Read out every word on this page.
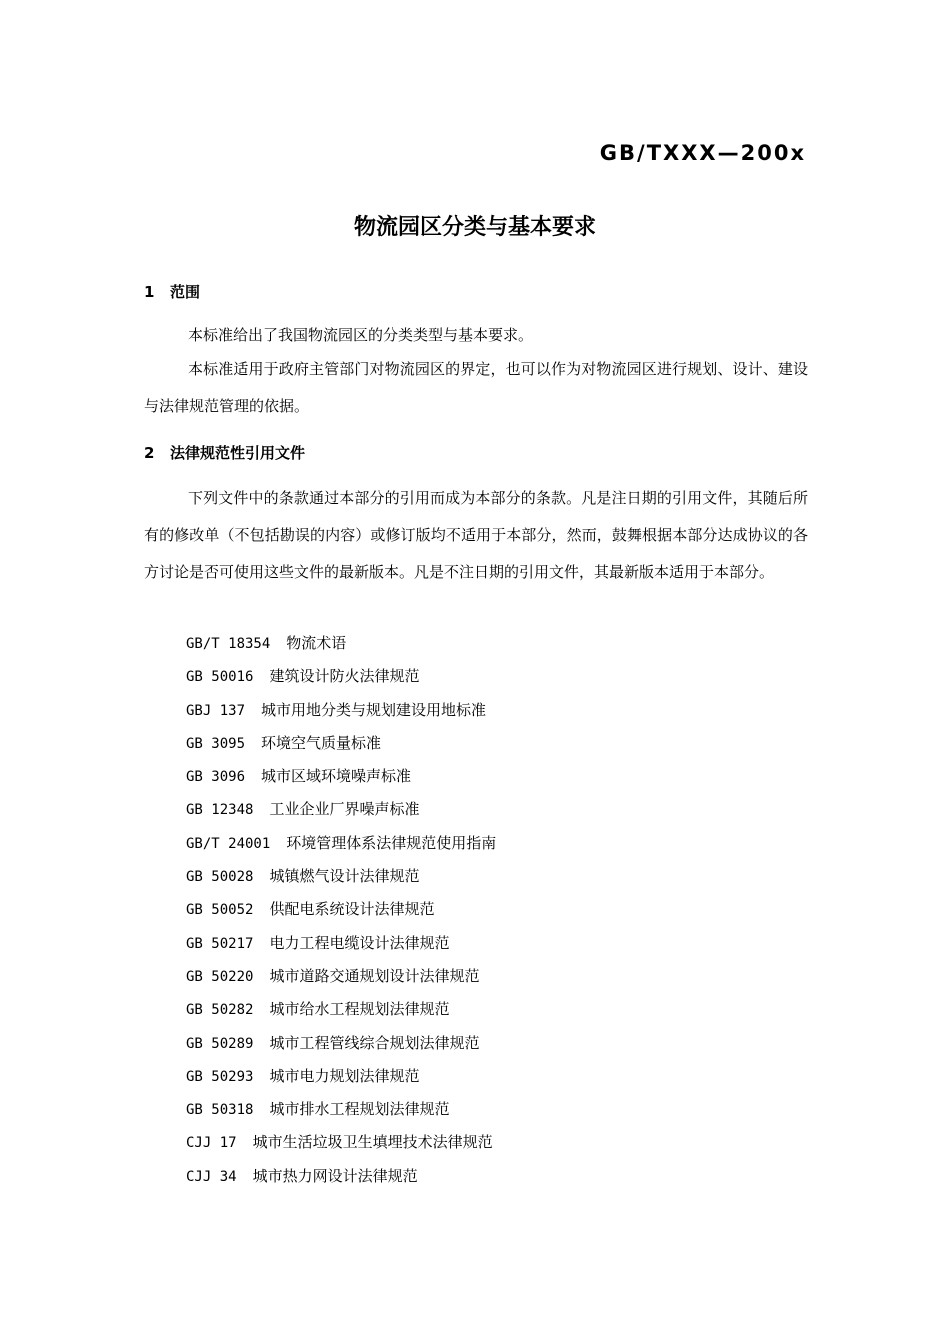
GB/TXXX—200x
物流园区分类与基本要求
1 范围
本标准给出了我国物流园区的分类类型与基本要求。
本标准适用于政府主管部门对物流园区的界定，也可以作为对物流园区进行规划、设计、建设与法律规范管理的依据。
2 法律规范性引用文件
下列文件中的条款通过本部分的引用而成为本部分的条款。凡是注日期的引用文件，其随后所有的修改单（不包括勘误的内容）或修订版均不适用于本部分，然而，鼓舞根据本部分达成协议的各方讨论是否可使用这些文件的最新版本。凡是不注日期的引用文件，其最新版本适用于本部分。
GB/T 18354 物流术语
GB 50016 建筑设计防火法律规范
GBJ 137 城市用地分类与规划建设用地标准
GB 3095 环境空气质量标准
GB 3096 城市区域环境噪声标准
GB 12348 工业企业厂界噪声标准
GB/T 24001 环境管理体系法律规范使用指南
GB 50028 城镇燃气设计法律规范
GB 50052 供配电系统设计法律规范
GB 50217 电力工程电缆设计法律规范
GB 50220 城市道路交通规划设计法律规范
GB 50282 城市给水工程规划法律规范
GB 50289 城市工程管线综合规划法律规范
GB 50293 城市电力规划法律规范
GB 50318 城市排水工程规划法律规范
CJJ 17 城市生活垃圾卫生填埋技术法律规范
CJJ 34 城市热力网设计法律规范
